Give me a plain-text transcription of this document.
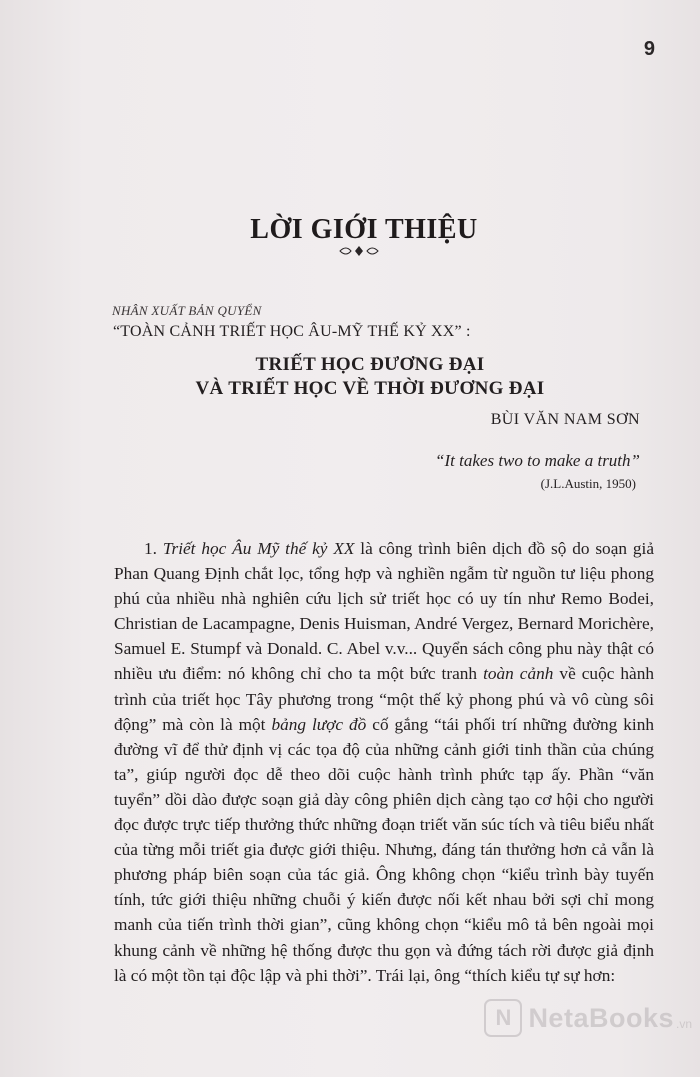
9
LỜI GIỚI THIỆU
NHÂN XUẤT BẢN QUYỂN
“TOÀN CẢNH TRIẾT HỌC ÂU-MỸ THẾ KỶ XX” :
TRIẾT HỌC ĐƯƠNG ĐẠI
VÀ TRIẾT HỌC VỀ THỜI ĐƯƠNG ĐẠI
BÙI VĂN NAM SƠN
“It takes two to make a truth”
(J.L.Austin, 1950)

1. Triết học Âu Mỹ thế kỷ XX là công trình biên dịch đồ sộ do soạn giả Phan Quang Định chắt lọc, tổng hợp và nghiền ngẫm từ nguồn tư liệu phong phú của nhiều nhà nghiên cứu lịch sử triết học có uy tín như Remo Bodei, Christian de Lacampagne, Denis Huisman, André Vergez, Bernard Morichère, Samuel E. Stumpf và Donald. C. Abel v.v... Quyển sách công phu này thật có nhiều ưu điểm: nó không chỉ cho ta một bức tranh toàn cảnh về cuộc hành trình của triết học Tây phương trong “một thế kỷ phong phú và vô cùng sôi động” mà còn là một bảng lược đồ cố gắng “tái phối trí những đường kinh đường vĩ để thử định vị các tọa độ của những cảnh giới tinh thần của chúng ta”, giúp người đọc dễ theo dõi cuộc hành trình phức tạp ấy. Phần “văn tuyển” dồi dào được soạn giả dày công phiên dịch càng tạo cơ hội cho người đọc được trực tiếp thưởng thức những đoạn triết văn súc tích và tiêu biểu nhất của từng mỗi triết gia được giới thiệu. Nhưng, đáng tán thưởng hơn cả vẫn là phương pháp biên soạn của tác giả. Ông không chọn “kiểu trình bày tuyến tính, tức giới thiệu những chuỗi ý kiến được nối kết nhau bởi sợi chỉ mong manh của tiến trình thời gian”, cũng không chọn “kiểu mô tả bên ngoài mọi khung cảnh về những hệ thống được thu gọn và đứng tách rời được giả định là có một tồn tại độc lập và phi thời”. Trái lại, ông “thích kiểu tự sự hơn:

N NetaBooks .vn
